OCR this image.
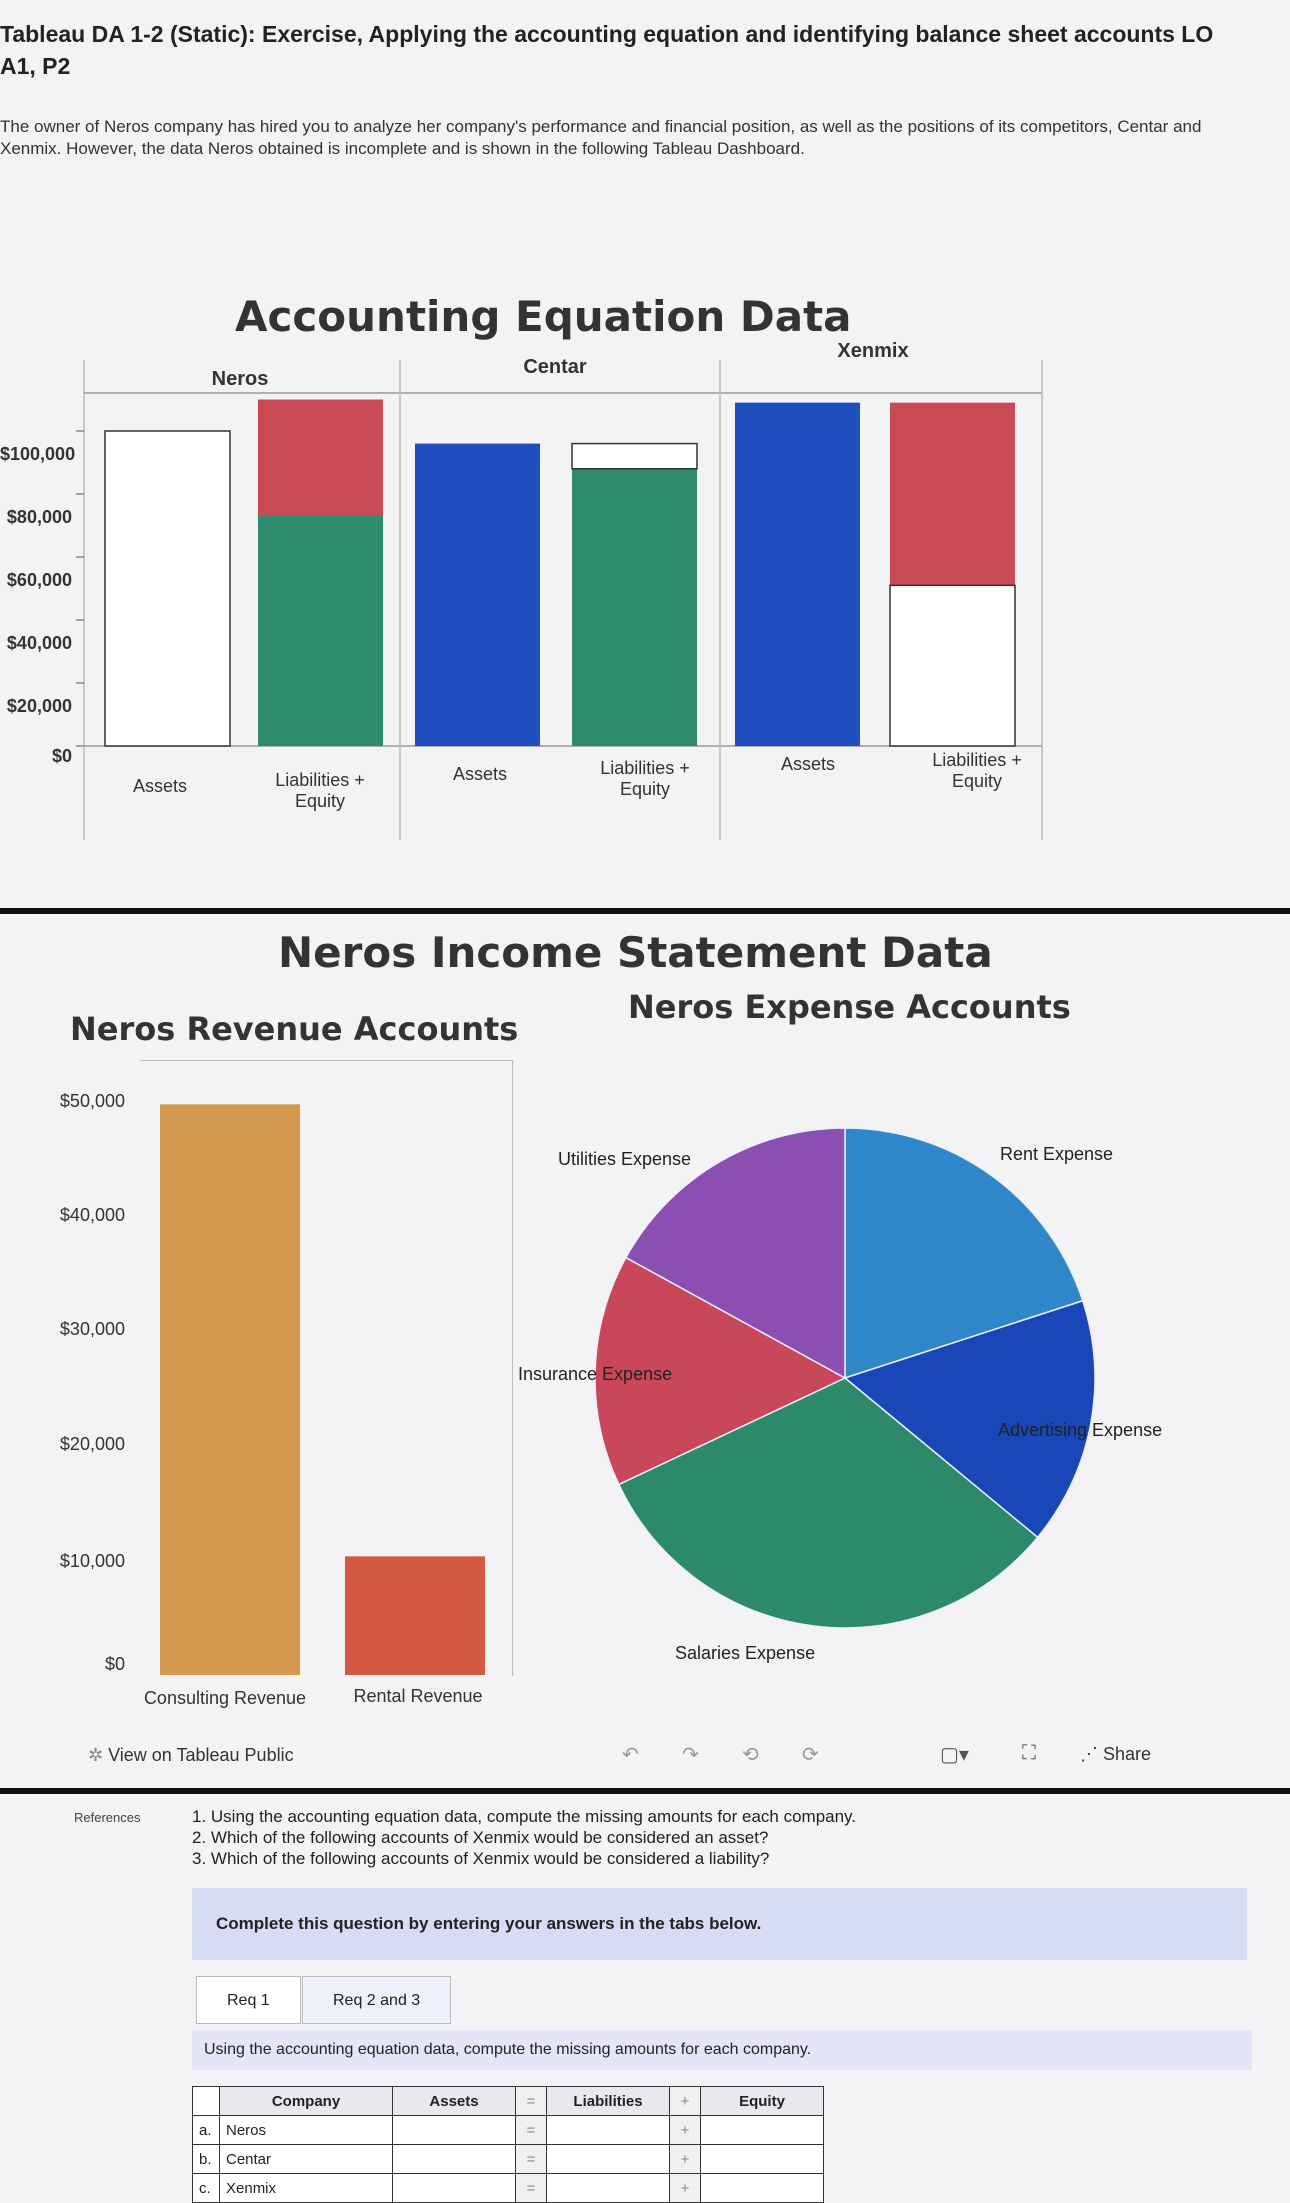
Tableau DA 1-2 (Static): Exercise, Applying the accounting equation and identifying balance sheet accounts LO A1, P2
The owner of Neros company has hired you to analyze her company's performance and financial position, as well as the positions of its competitors, Centar and Xenmix. However, the data Neros obtained is incomplete and is shown in the following Tableau Dashboard.
Accounting Equation Data
Neros
Centar
Xenmix
$100,000
$80,000
$60,000
$40,000
$20,000
$0
Assets	Liabilities + Equity
Assets	Liabilities + Equity
Assets	Liabilities + Equity
Neros Income Statement Data
Neros Revenue Accounts
Neros Expense Accounts
$50,000
$40,000
$30,000
$20,000
$10,000
$0
Consulting Revenue	Rental Revenue
Rent Expense
Advertising Expense
Salaries Expense
Insurance Expense
Utilities Expense
✲ View on Tableau Public	↶ ↷ ⟲ ⟳	▢▾	⛶ ⋰ Share
References	1. Using the accounting equation data, compute the missing amounts for each company.
2. Which of the following accounts of Xenmix would be considered an asset?
3. Which of the following accounts of Xenmix would be considered a liability?
Complete this question by entering your answers in the tabs below.
Req 1	Req 2 and 3
Using the accounting equation data, compute the missing amounts for each company.
	Company	Assets	=	Liabilities	+	Equity
a.	Neros		=		+	
b.	Centar		=		+	
c.	Xenmix		=		+	
